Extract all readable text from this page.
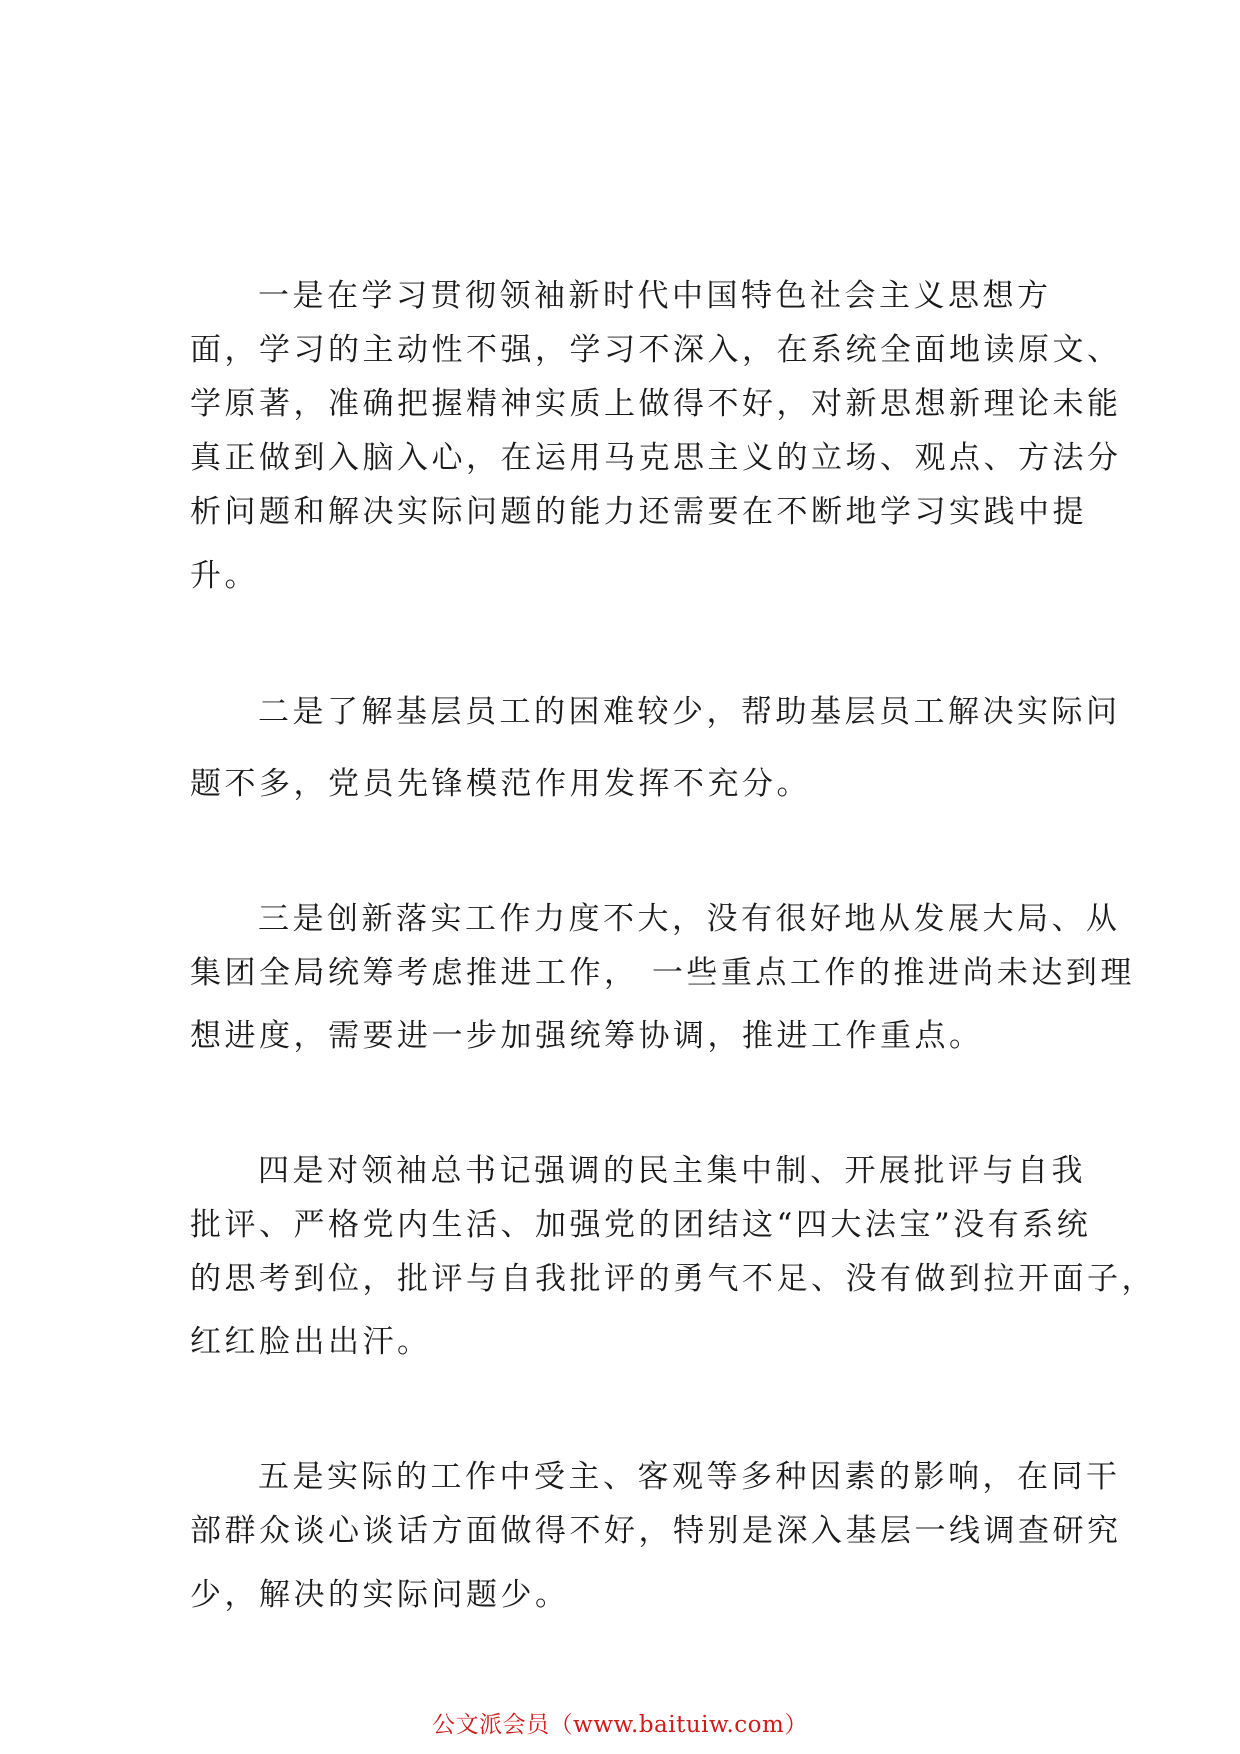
一是在学习贯彻领袖新时代中国特色社会主义思想方
面，学习的主动性不强，学习不深入，在系统全面地读原文、
学原著，准确把握精神实质上做得不好，对新思想新理论未能
真正做到入脑入心，在运用马克思主义的立场、观点、方法分
析问题和解决实际问题的能力还需要在不断地学习实践中提
升。
二是了解基层员工的困难较少，帮助基层员工解决实际问
题不多，党员先锋模范作用发挥不充分。
三是创新落实工作力度不大，没有很好地从发展大局、从
集团全局统筹考虑推进工作， 一些重点工作的推进尚未达到理
想进度，需要进一步加强统筹协调，推进工作重点。
四是对领袖总书记强调的民主集中制、开展批评与自我
批评、严格党内生活、加强党的团结这“四大法宝”没有系统
的思考到位，批评与自我批评的勇气不足、没有做到拉开面子，
红红脸出出汗。
五是实际的工作中受主、客观等多种因素的影响，在同干
部群众谈心谈话方面做得不好，特别是深入基层一线调查研究
少，解决的实际问题少。
公文派会员（www.baituiw.com）
